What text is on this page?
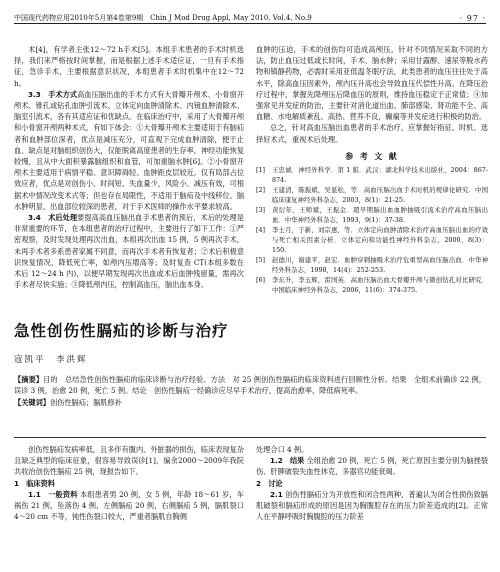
中国现代药物应用2010年5月第4卷第9期　Chin J Mod Drug Appl, May 2010, Vol.4, No.9	· 97 ·

术[4]，有学者主张12～72 h手术[5]。本组手术患者的手术时机选择，我们来严格按时间掌握，而是根据上述手术适应证，一旦有手术指征，急诊手术，主要根据意识状况，本组患者手术时机集中在12～72 h。

3.3　手术方式高血压脑出血的手术方式有大骨瓣开颅术、小骨窗开颅术、锥孔或钻孔血肿引流术、立体定向血肿清除术、内镜血肿清除术、脑室引流术，各有其适应证和优缺点。在临床治疗中，采用了大骨瓣开颅和小骨窗开颅两种术式，有如下体会：①大骨瓣开颅术主要适用于有脑疝者和血肿部位深者，优点是减压充分，可直观下完成血肿清除，便于止血、缺点是对脑组织创伤大，仅能脱离高度患者的生存率，神经功能恢复较慢，且从中大面积暴露脑组织和血管，可加重脑水肿[6]。②小骨窗开颅术主要适用于病情平稳、意识障碍轻、血肿距皮层较近，仅有局部占位效应者，优点是对创伤小、时间短、失血量少，风险小、减压有效，可根据术中情况改变术式等；但也存在局限性，不适用于脑疝及中线移位、脑水肿明显、出血部位较深的患者，对于手术医师的操作水平要求较高。

3.4　术后处理要提高高血压脑出血手术患者的预后，术后的处理是非常重要的环节，在本组患者的治疗过程中，主要进行了如下工作：①严密观察，及时发现处理再次出血，本组再次出血 15 例，5 例再次手术，未再手术者多系患者家属不同意，而再次手术者有恢复者；②术后积极意识恢复情况，降低死亡率，如颅内压增高等；及时复查 CT(本组多数在术后 12～24 h 内)，以便早期发现再次出血或术后血肿残留量，需再次手术者尽快实施；③降低颅内压，控制高血压，脑出血本身。

血肿的压迫，手术的创伤均可造成高颅压，针对不同情况采取不同的方法，防止血压过低或长时间，手术、脑水肿；采用甘露醇、速尿等脱水药物和镇静药物，必需时采用亚低温冬眠疗法，此类患者的血压往往处于高水平，除高血压因素外，颅内压升高也会导致血压代偿性升高。在降压治疗过程中，掌握先降颅压后降血压的原则，维持血压稳定于正常值；④加强常见并发症的防治，主要针对消化道出血、肺部感染、肾功能不全、高血糖、水电解质紊乱、高热、营养不良，癫痫等并发症进行积极的防治。

总之，针对高血压脑出血患者的手术治疗，应掌握好指征、时机、选择好术式，重视术后处理。

参 考 文 献
[1]	王忠诚．神经外科学．第 1 版．武汉：湖北科学技术出版社，2004：867-874.
[2]	王建清，陈振斌，吴显松，等．高血压脑出血手术时机的规律化研究．中国临床康复神经外科杂志，2003，8(1)：21-25.
[3]	黄衍年，王师斌，王振金．超早期脑出血血肿抽吸引流术治疗高血压脑出血．中华神经外科杂志，1993，9(1)：37-38.
[4]	李士月，于新，刘宗惠，等．立体定向血肿清除术治疗高血压脑出血的疗效与死亡相关因素分析．立体定向和功能性神经外科杂志，2000，8(3)：150.
[5]	赵德川，谢建平，赵宏．血肿穿刺抽吸术治疗危重型高血压脑出血．中华神经外科杂志，1998，14(4)：252-253.
[6]	李东升，李玉辉，雷国英．高血压脑出血大骨瓣开颅与微创钻孔对比研究．中国临床神经外科杂志，2006，11(6)：374-375.
急性创伤性膈疝的诊断与治疗
寇凯平　李洪辉
【摘要】目的　总结急性创伤性膈疝的临床诊断与治疗经验。方法　对 25 例创伤性膈疝的临床资料进行回顾性分析。结果　全组术前确诊 22 例，误诊 3 例，治愈 20 例，死亡 5 例。结论　创伤性膈疝一经确诊应尽早手术治疗，提高治愈率，降低病死率。
【关键词】创伤性膈疝；膈肌修补

创伤性膈疝发病率低，且多伴有腹内、外脏器的损伤，临床表现复杂且缺乏典型的临床征象，很容易导致误诊[1]，编余2000～2009年我院共收治创伤性膈疝 25 例，现报告如下。

1　临床资料

1.1　一般资料 本组患者男 20 例，女 5 例，年龄 18～61 岁，车祸伤 21 例，坠落伤 4 例，左侧膈疝 20 例，右侧膈疝 5 例，膈肌裂口 4～20 cm 不等，钝性伤裂口较大，严重者膈肌自胸侧

处理合口 4 例。

1.2　结果 全组治愈 20 例，死亡 5 例，死亡原因主要分别为脑挫裂伤、肝脾破裂失血性休克，多器官功能衰竭。

2　讨论

2.1 创伤性膈疝分为开放性和闭合性两种，普遍认为闭合性损伤致膈肌破裂和膈疝形成的原因是因为胸腹腔存在的压力阶差造成的[2]。正常人在平静呼吸时胸腹腔的压力阶差
